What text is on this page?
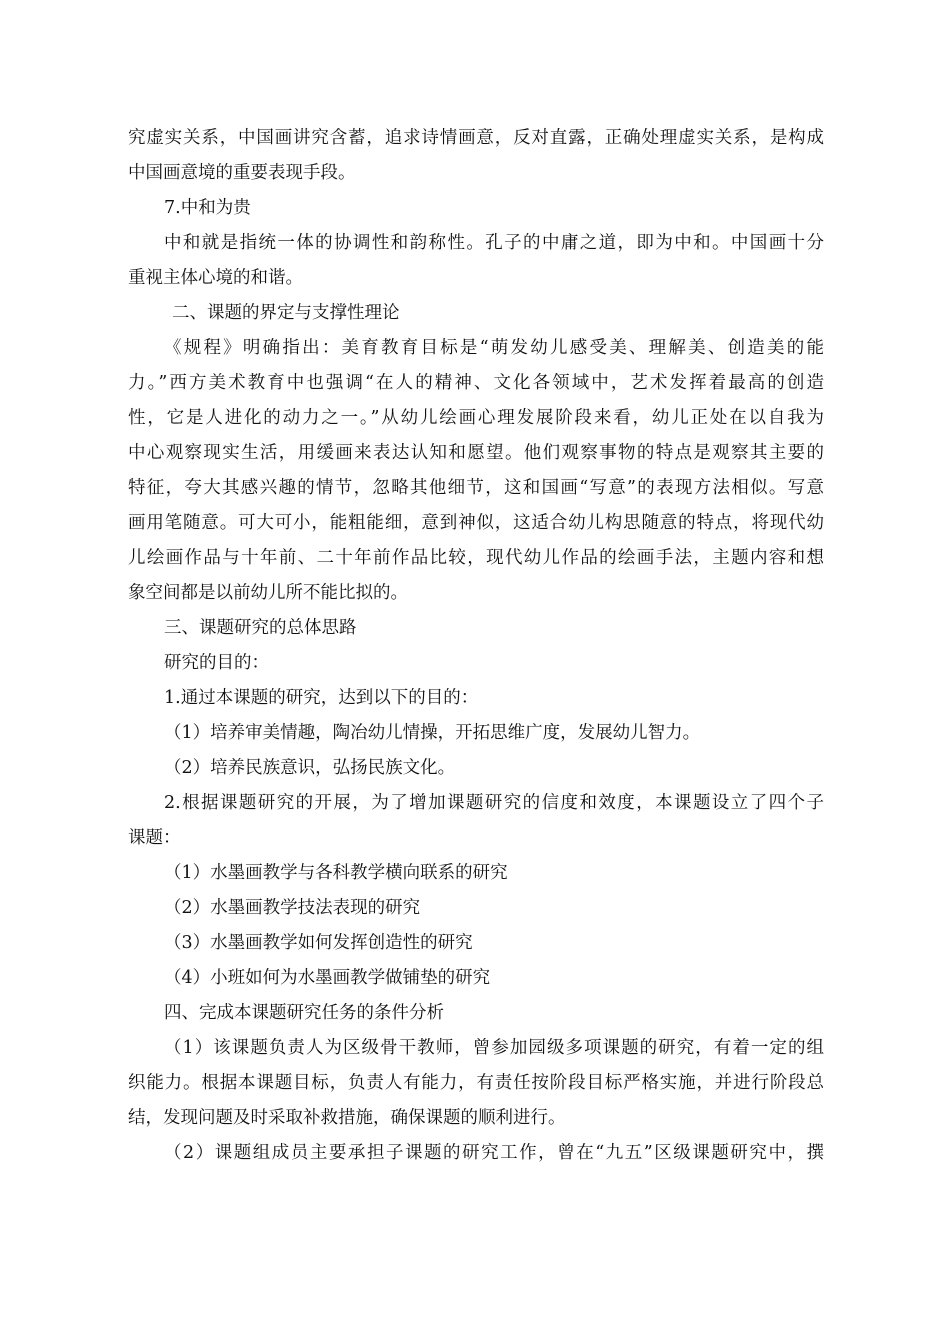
究虚实关系，中国画讲究含蓄，追求诗情画意，反对直露，正确处理虚实关系，是构成
中国画意境的重要表现手段。
7.中和为贵
中和就是指统一体的协调性和韵称性。孔子的中庸之道，即为中和。中国画十分
重视主体心境的和谐。
二、课题的界定与支撑性理论
《规程》明确指出：美育教育目标是“萌发幼儿感受美、理解美、创造美的能
力。”西方美术教育中也强调“在人的精神、文化各领域中，艺术发挥着最高的创造
性，它是人进化的动力之一。”从幼儿绘画心理发展阶段来看，幼儿正处在以自我为
中心观察现实生活，用缓画来表达认知和愿望。他们观察事物的特点是观察其主要的
特征，夸大其感兴趣的情节，忽略其他细节，这和国画“写意”的表现方法相似。写意
画用笔随意。可大可小，能粗能细，意到神似，这适合幼儿构思随意的特点，将现代幼
儿绘画作品与十年前、二十年前作品比较，现代幼儿作品的绘画手法，主题内容和想
象空间都是以前幼儿所不能比拟的。
三、课题研究的总体思路
研究的目的：
1.通过本课题的研究，达到以下的目的：
（1）培养审美情趣，陶冶幼儿情操，开拓思维广度，发展幼儿智力。
（2）培养民族意识，弘扬民族文化。
2.根据课题研究的开展，为了增加课题研究的信度和效度，本课题设立了四个子
课题：
（1）水墨画教学与各科教学横向联系的研究
（2）水墨画教学技法表现的研究
（3）水墨画教学如何发挥创造性的研究
（4）小班如何为水墨画教学做铺垫的研究
四、完成本课题研究任务的条件分析
（1）该课题负责人为区级骨干教师，曾参加园级多项课题的研究，有着一定的组
织能力。根据本课题目标，负责人有能力，有责任按阶段目标严格实施，并进行阶段总
结，发现问题及时采取补救措施，确保课题的顺利进行。
（2）课题组成员主要承担子课题的研究工作，曾在“九五”区级课题研究中，撰
